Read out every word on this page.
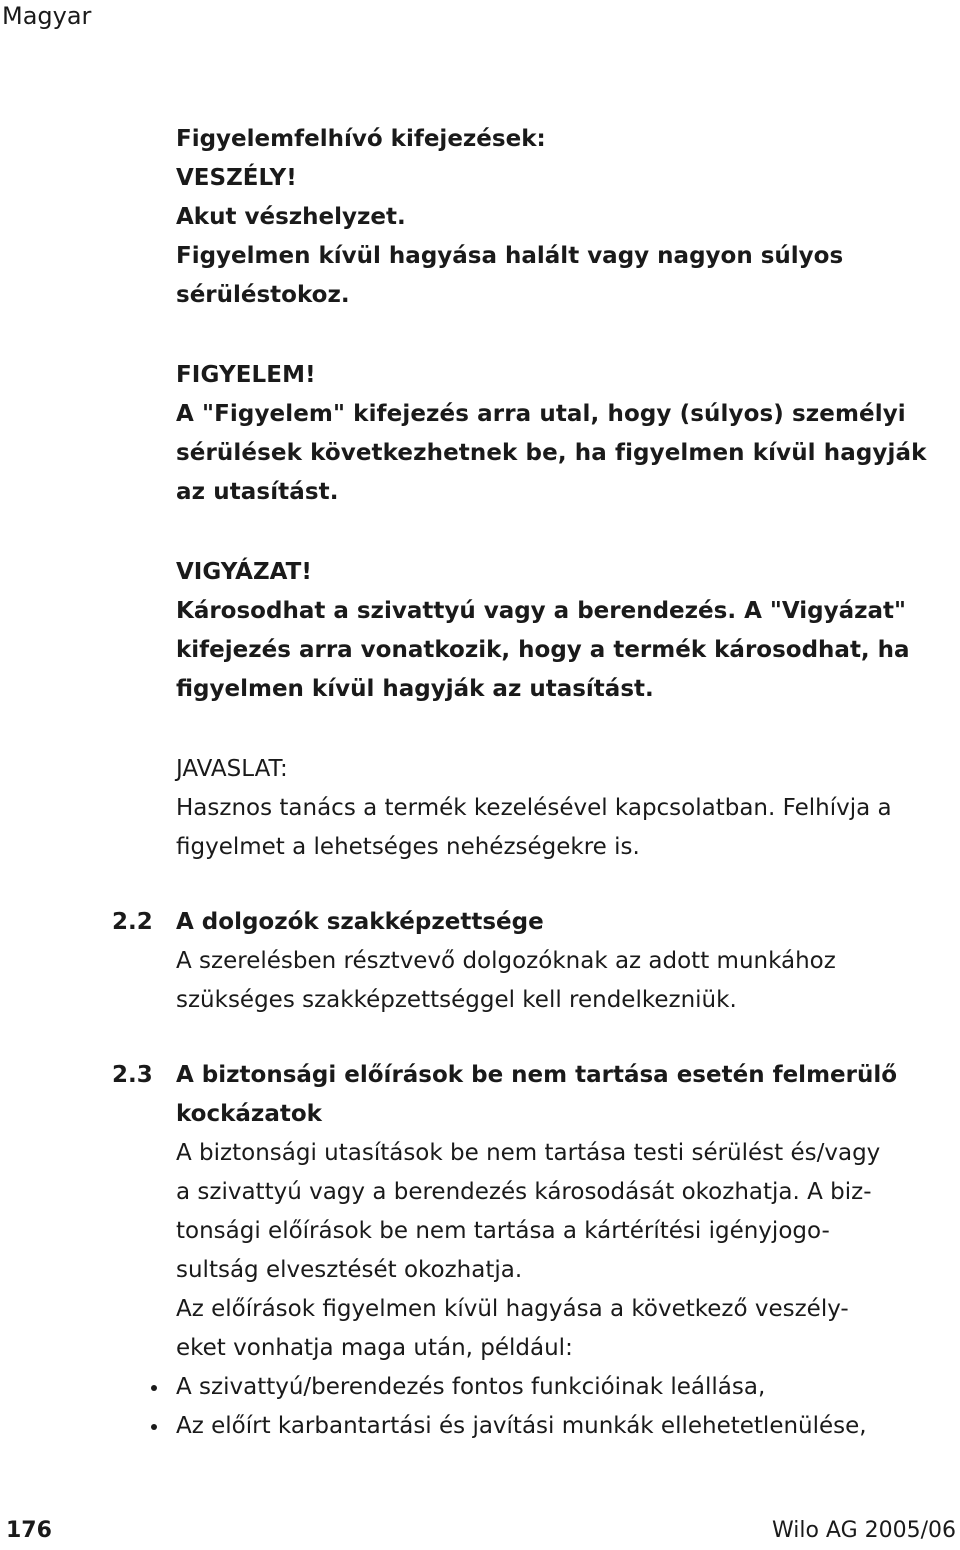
Magyar

Figyelemfelhívó kifejezések:

VESZÉLY!

Akut vészhelyzet.

Figyelmen kívül hagyása halált vagy nagyon súlyos

sérüléstokoz.

FIGYELEM!

A "Figyelem" kifejezés arra utal, hogy (súlyos) személyi

sérülések következhetnek be, ha figyelmen kívül hagyják

az utasítást.

VIGYÁZAT!

Károsodhat a szivattyú vagy a berendezés. A "Vigyázat"

kifejezés arra vonatkozik, hogy a termék károsodhat, ha

figyelmen kívül hagyják az utasítást.

JAVASLAT:

Hasznos tanács a termék kezelésével kapcsolatban. Felhívja a

figyelmet a lehetséges nehézségekre is.

2.2 A dolgozók szakképzettsége

A szerelésben résztvevő dolgozóknak az adott munkához

szükséges szakképzettséggel kell rendelkezniük.

2.3 A biztonsági előírások be nem tartása esetén felmerülő

kockázatok

A biztonsági utasítások be nem tartása testi sérülést és/vagy

a szivattyú vagy a berendezés károsodását okozhatja. A biz-

tonsági előírások be nem tartása a kártérítési igényjogo-

sultság elvesztését okozhatja.

Az előírások figyelmen kívül hagyása a következő veszély-

eket vonhatja maga után, például:

A szivattyú/berendezés fontos funkcióinak leállása,
Az előírt karbantartási és javítási munkák ellehetetlenülése,
176	Wilo AG 2005/06
